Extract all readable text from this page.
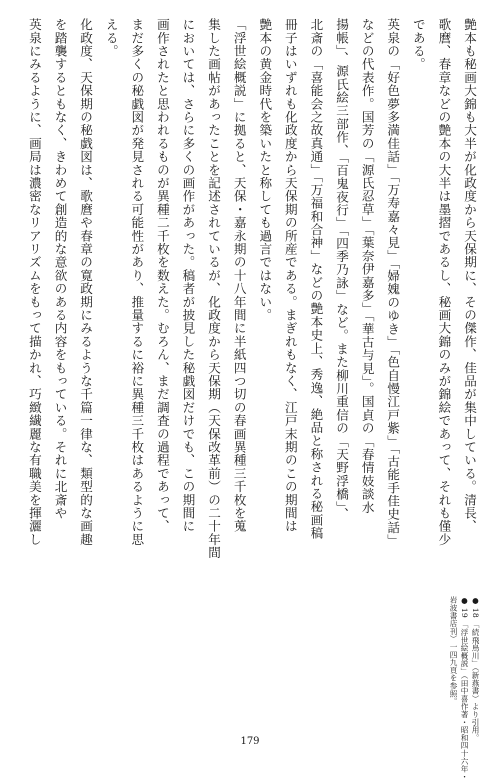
艶本も秘画大錦も大半が化政度から天保期に、その傑作、佳品が集中している。清長、

歌麿、春章などの艶本の大半は墨摺であるし、秘画大錦のみが錦絵であって、それも僅少

である。

英泉の「好色夢多満佳話」「万寿嘉々見」「婦媿のゆき」「色自慢江戸紫」「古能手佳史話」

などの代表作。国芳の「源氏忍草」「葉奈伊嘉多」「華古与見」。国貞の「春情妓談水

揚帳」、源氏絵三部作、「百鬼夜行」「四季乃詠」など。また柳川重信の「天野浮橋」、

北斎の「喜能会之故真通」「万福和合神」などの艶本史上、秀逸、絶品と称される秘画稿

冊子はいずれも化政度から天保期の所産である。まぎれもなく、江戸末期のこの期間は

艶本の黄金時代を築いたと称しても過言ではない。

「浮世絵概説」に拠ると、天保・嘉永期の十八年間に半紙四つ切の春画異種三千枚を蒐

集した画帖があったことを記述されているが、化政度から天保期（天保改革前）の二十年間

においては、さらに多くの画作があった。稿者が披見した秘戯図だけでも、この期間に

画作されたと思われるものが異種二千枚を数えた。むろん、まだ調査の過程であって、

まだ多くの秘戯図が発見される可能性があり、推量するに裕に異種三千枚はあるように思

える。

化政度、天保期の秘戯図は、歌麿や春章の寛政期にみるような千篇一律な、類型的な画趣

を踏襲するともなく、きわめて創造的な意欲のある内容をもっている。それに北斎や

英泉にみるように、画局は濃密なリアリズムをもって描かれ、巧緻繊麗な有職美を揮灑し

● 18 「続飛鳥川」（新燕書）より引用。

● 19 「浮世絵概説」（田中喜作著・昭和四十六年・

岩波書店刊）一四九頁を参照。

179
